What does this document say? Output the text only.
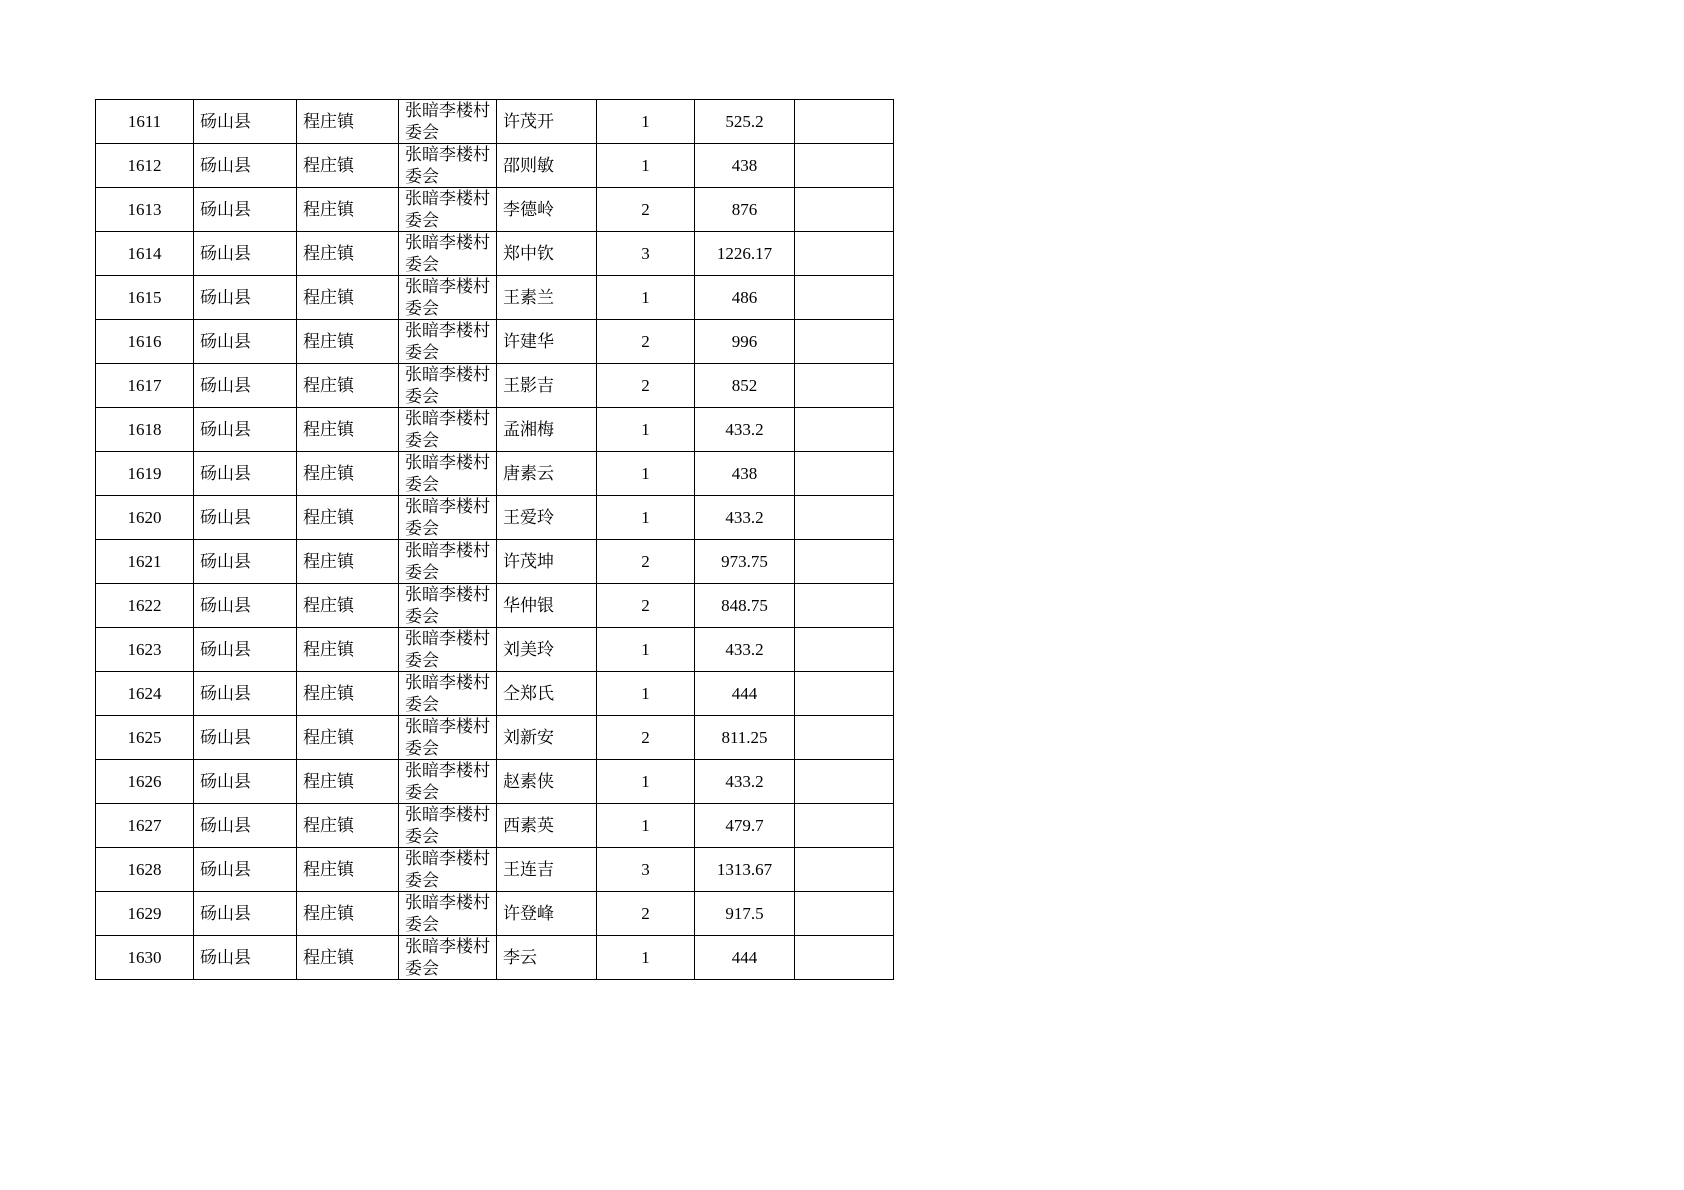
1611	砀山县	程庄镇	张暗李楼村委会	许茂开	1	525.2	
1612	砀山县	程庄镇	张暗李楼村委会	邵则敏	1	438	
1613	砀山县	程庄镇	张暗李楼村委会	李德岭	2	876	
1614	砀山县	程庄镇	张暗李楼村委会	郑中钦	3	1226.17	
1615	砀山县	程庄镇	张暗李楼村委会	王素兰	1	486	
1616	砀山县	程庄镇	张暗李楼村委会	许建华	2	996	
1617	砀山县	程庄镇	张暗李楼村委会	王影吉	2	852	
1618	砀山县	程庄镇	张暗李楼村委会	孟湘梅	1	433.2	
1619	砀山县	程庄镇	张暗李楼村委会	唐素云	1	438	
1620	砀山县	程庄镇	张暗李楼村委会	王爱玲	1	433.2	
1621	砀山县	程庄镇	张暗李楼村委会	许茂坤	2	973.75	
1622	砀山县	程庄镇	张暗李楼村委会	华仲银	2	848.75	
1623	砀山县	程庄镇	张暗李楼村委会	刘美玲	1	433.2	
1624	砀山县	程庄镇	张暗李楼村委会	仝郑氏	1	444	
1625	砀山县	程庄镇	张暗李楼村委会	刘新安	2	811.25	
1626	砀山县	程庄镇	张暗李楼村委会	赵素侠	1	433.2	
1627	砀山县	程庄镇	张暗李楼村委会	西素英	1	479.7	
1628	砀山县	程庄镇	张暗李楼村委会	王连吉	3	1313.67	
1629	砀山县	程庄镇	张暗李楼村委会	许登峰	2	917.5	
1630	砀山县	程庄镇	张暗李楼村委会	李云	1	444	
